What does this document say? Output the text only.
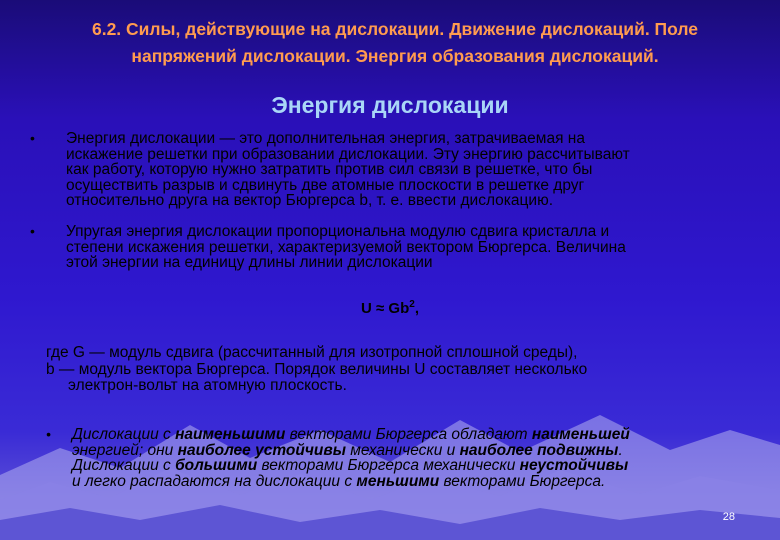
6.2. Силы, действующие на дислокации. Движение дислокаций. Поле
напряжений дислокации. Энергия образования дислокаций.
Энергия дислокации
• Энергия дислокации — это дополнительная энергия, затрачиваемая на
искажение решетки при образовании дислокации. Эту энергию рассчитывают
как работу, которую нужно затратить против сил связи в решетке, что бы
осуществить разрыв и сдвинуть две атомные плоскости в решетке друг
относительно друга на вектор Бюргерса b, т. е. ввести дислокацию.
• Упругая энергия дислокации пропорциональна модулю сдвига кристалла и
степени искажения решетки, характеризуемой вектором Бюргерса. Величина
этой энергии на единицу длины линии дислокации
$U \approx Gb^2$,
где G — модуль сдвига (рассчитанный для изотропной сплошной среды),
b — модуль вектора Бюргерса. Порядок величины U составляет несколько
электрон-вольт на атомную плоскость.
• Дислокации с наименьшими векторами Бюргерса обладают наименьшей
энергией; они наиболее устойчивы механически и наиболее подвижны.
Дислокации с большими векторами Бюргерса механически неустойчивы
и легко распадаются на дислокации с меньшими векторами Бюргерса.
28
